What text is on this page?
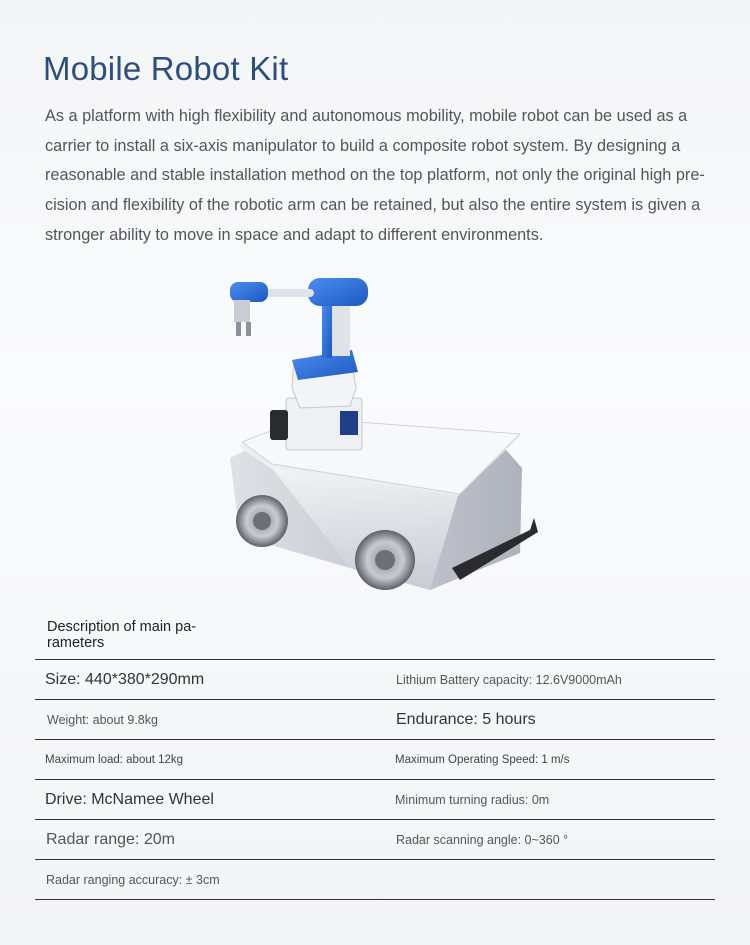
Mobile Robot Kit

As a platform with high flexibility and autonomous mobility, mobile robot can be used as a carrier to install a six-axis manipulator to build a composite robot system. By designing a reasonable and stable installation method on the top platform, not only the original high pre-cision and flexibility of the robotic arm can be retained, but also the entire system is given a stronger ability to move in space and adapt to different environments.

Description of main pa-rameters
Size: 440*380*290mm	Lithium Battery capacity: 12.6V9000mAh
Weight: about 9.8kg	Endurance: 5 hours
Maximum load: about 12kg	Maximum Operating Speed: 1 m/s
Drive: McNamee Wheel	Minimum turning radius: 0m
Radar range: 20m	Radar scanning angle: 0~360 °
Radar ranging accuracy: ± 3cm
